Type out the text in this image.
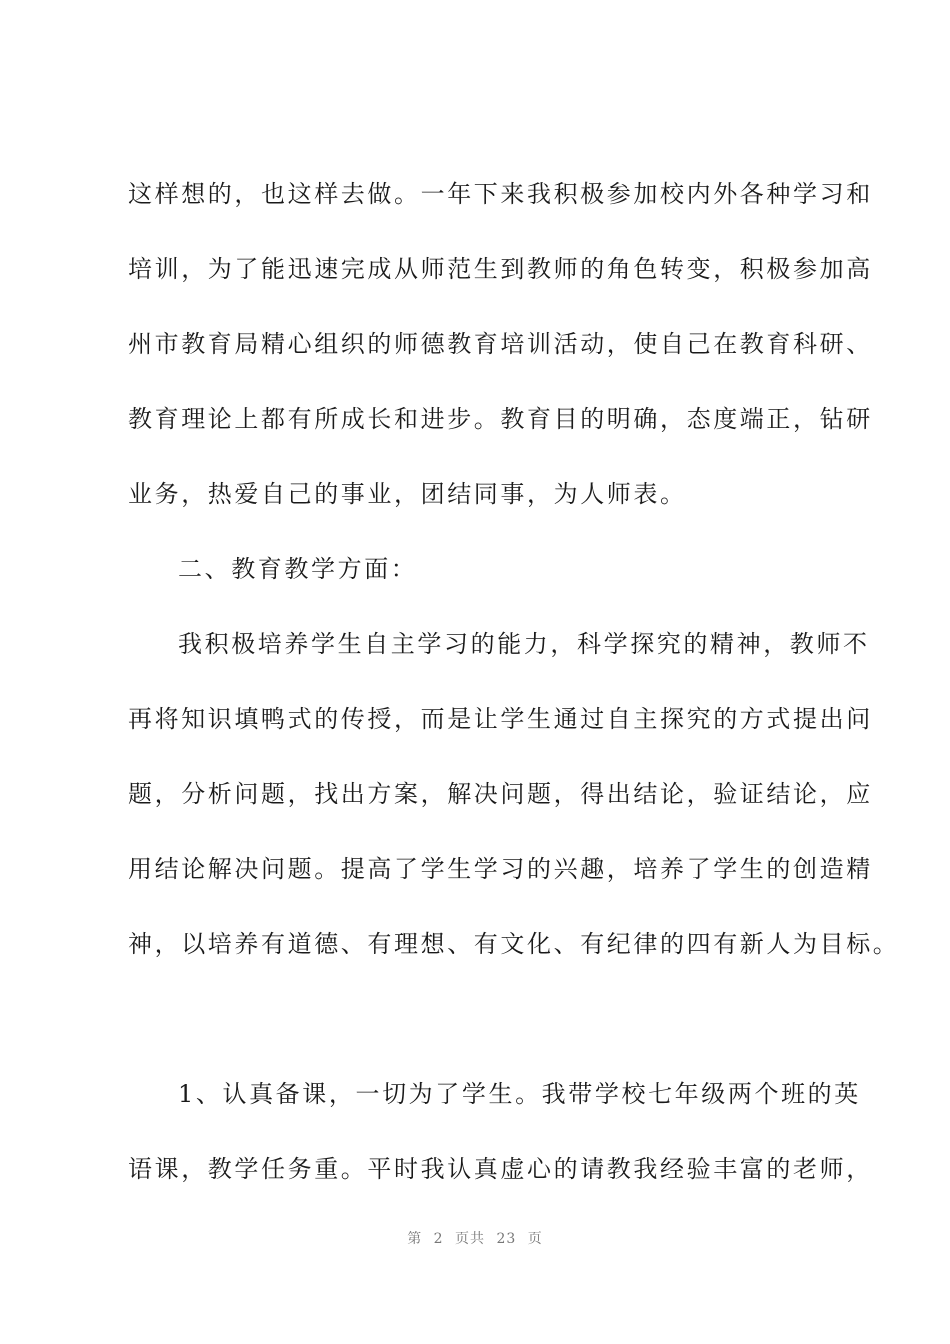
这样想的，也这样去做。一年下来我积极参加校内外各种学习和
培训，为了能迅速完成从师范生到教师的角色转变，积极参加高
州市教育局精心组织的师德教育培训活动，使自己在教育科研、
教育理论上都有所成长和进步。教育目的明确，态度端正，钻研
业务，热爱自己的事业，团结同事，为人师表。
二、教育教学方面：
我积极培养学生自主学习的能力，科学探究的精神，教师不
再将知识填鸭式的传授，而是让学生通过自主探究的方式提出问
题，分析问题，找出方案，解决问题，得出结论，验证结论，应
用结论解决问题。提高了学生学习的兴趣，培养了学生的创造精
神，以培养有道德、有理想、有文化、有纪律的四有新人为目标。
1、认真备课，一切为了学生。我带学校七年级两个班的英
语课，教学任务重。平时我认真虚心的请教我经验丰富的老师，
第 2 页共 23 页
